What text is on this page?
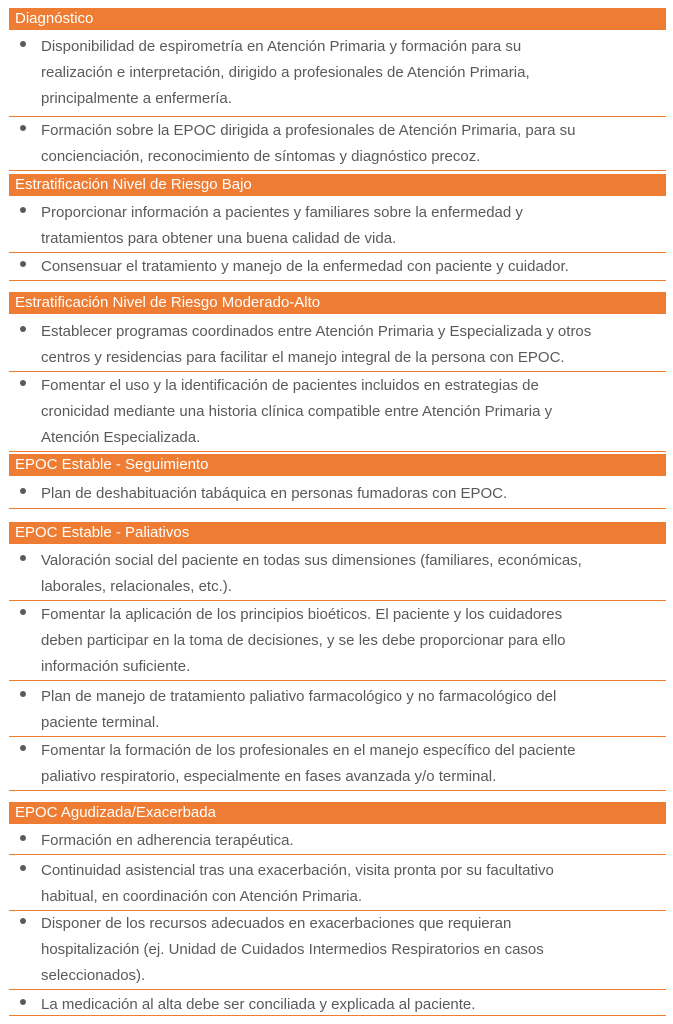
Diagnóstico
Disponibilidad de espirometría en Atención Primaria y formación para su
realización e interpretación, dirigido a profesionales de Atención Primaria,
principalmente a enfermería.
Formación sobre la EPOC dirigida a profesionales de Atención Primaria, para su
concienciación, reconocimiento de síntomas y diagnóstico precoz.
Estratificación Nivel de Riesgo Bajo
Proporcionar información a pacientes y familiares sobre la enfermedad y
tratamientos para obtener una buena calidad de vida.
Consensuar el tratamiento y manejo de la enfermedad con paciente y cuidador.
Estratificación Nivel de Riesgo Moderado-Alto
Establecer programas coordinados entre Atención Primaria y Especializada y otros
centros y residencias para facilitar el manejo integral de la persona con EPOC.
Fomentar el uso y la identificación de pacientes incluidos en estrategias de
cronicidad mediante una historia clínica compatible entre Atención Primaria y
Atención Especializada.
EPOC Estable - Seguimiento
Plan de deshabituación tabáquica en personas fumadoras con EPOC.
EPOC Estable - Paliativos
Valoración social del paciente en todas sus dimensiones (familiares, económicas,
laborales, relacionales, etc.).
Fomentar la aplicación de los principios bioéticos. El paciente y los cuidadores
deben participar en la toma de decisiones, y se les debe proporcionar para ello
información suficiente.
Plan de manejo de tratamiento paliativo farmacológico y no farmacológico del
paciente terminal.
Fomentar la formación de los profesionales en el manejo específico del paciente
paliativo respiratorio, especialmente en fases avanzada y/o terminal.
EPOC Agudizada/Exacerbada
Formación en adherencia terapéutica.
Continuidad asistencial tras una exacerbación, visita pronta por su facultativo
habitual, en coordinación con Atención Primaria.
Disponer de los recursos adecuados en exacerbaciones que requieran
hospitalización (ej. Unidad de Cuidados Intermedios Respiratorios en casos
seleccionados).
La medicación al alta debe ser conciliada y explicada al paciente.
